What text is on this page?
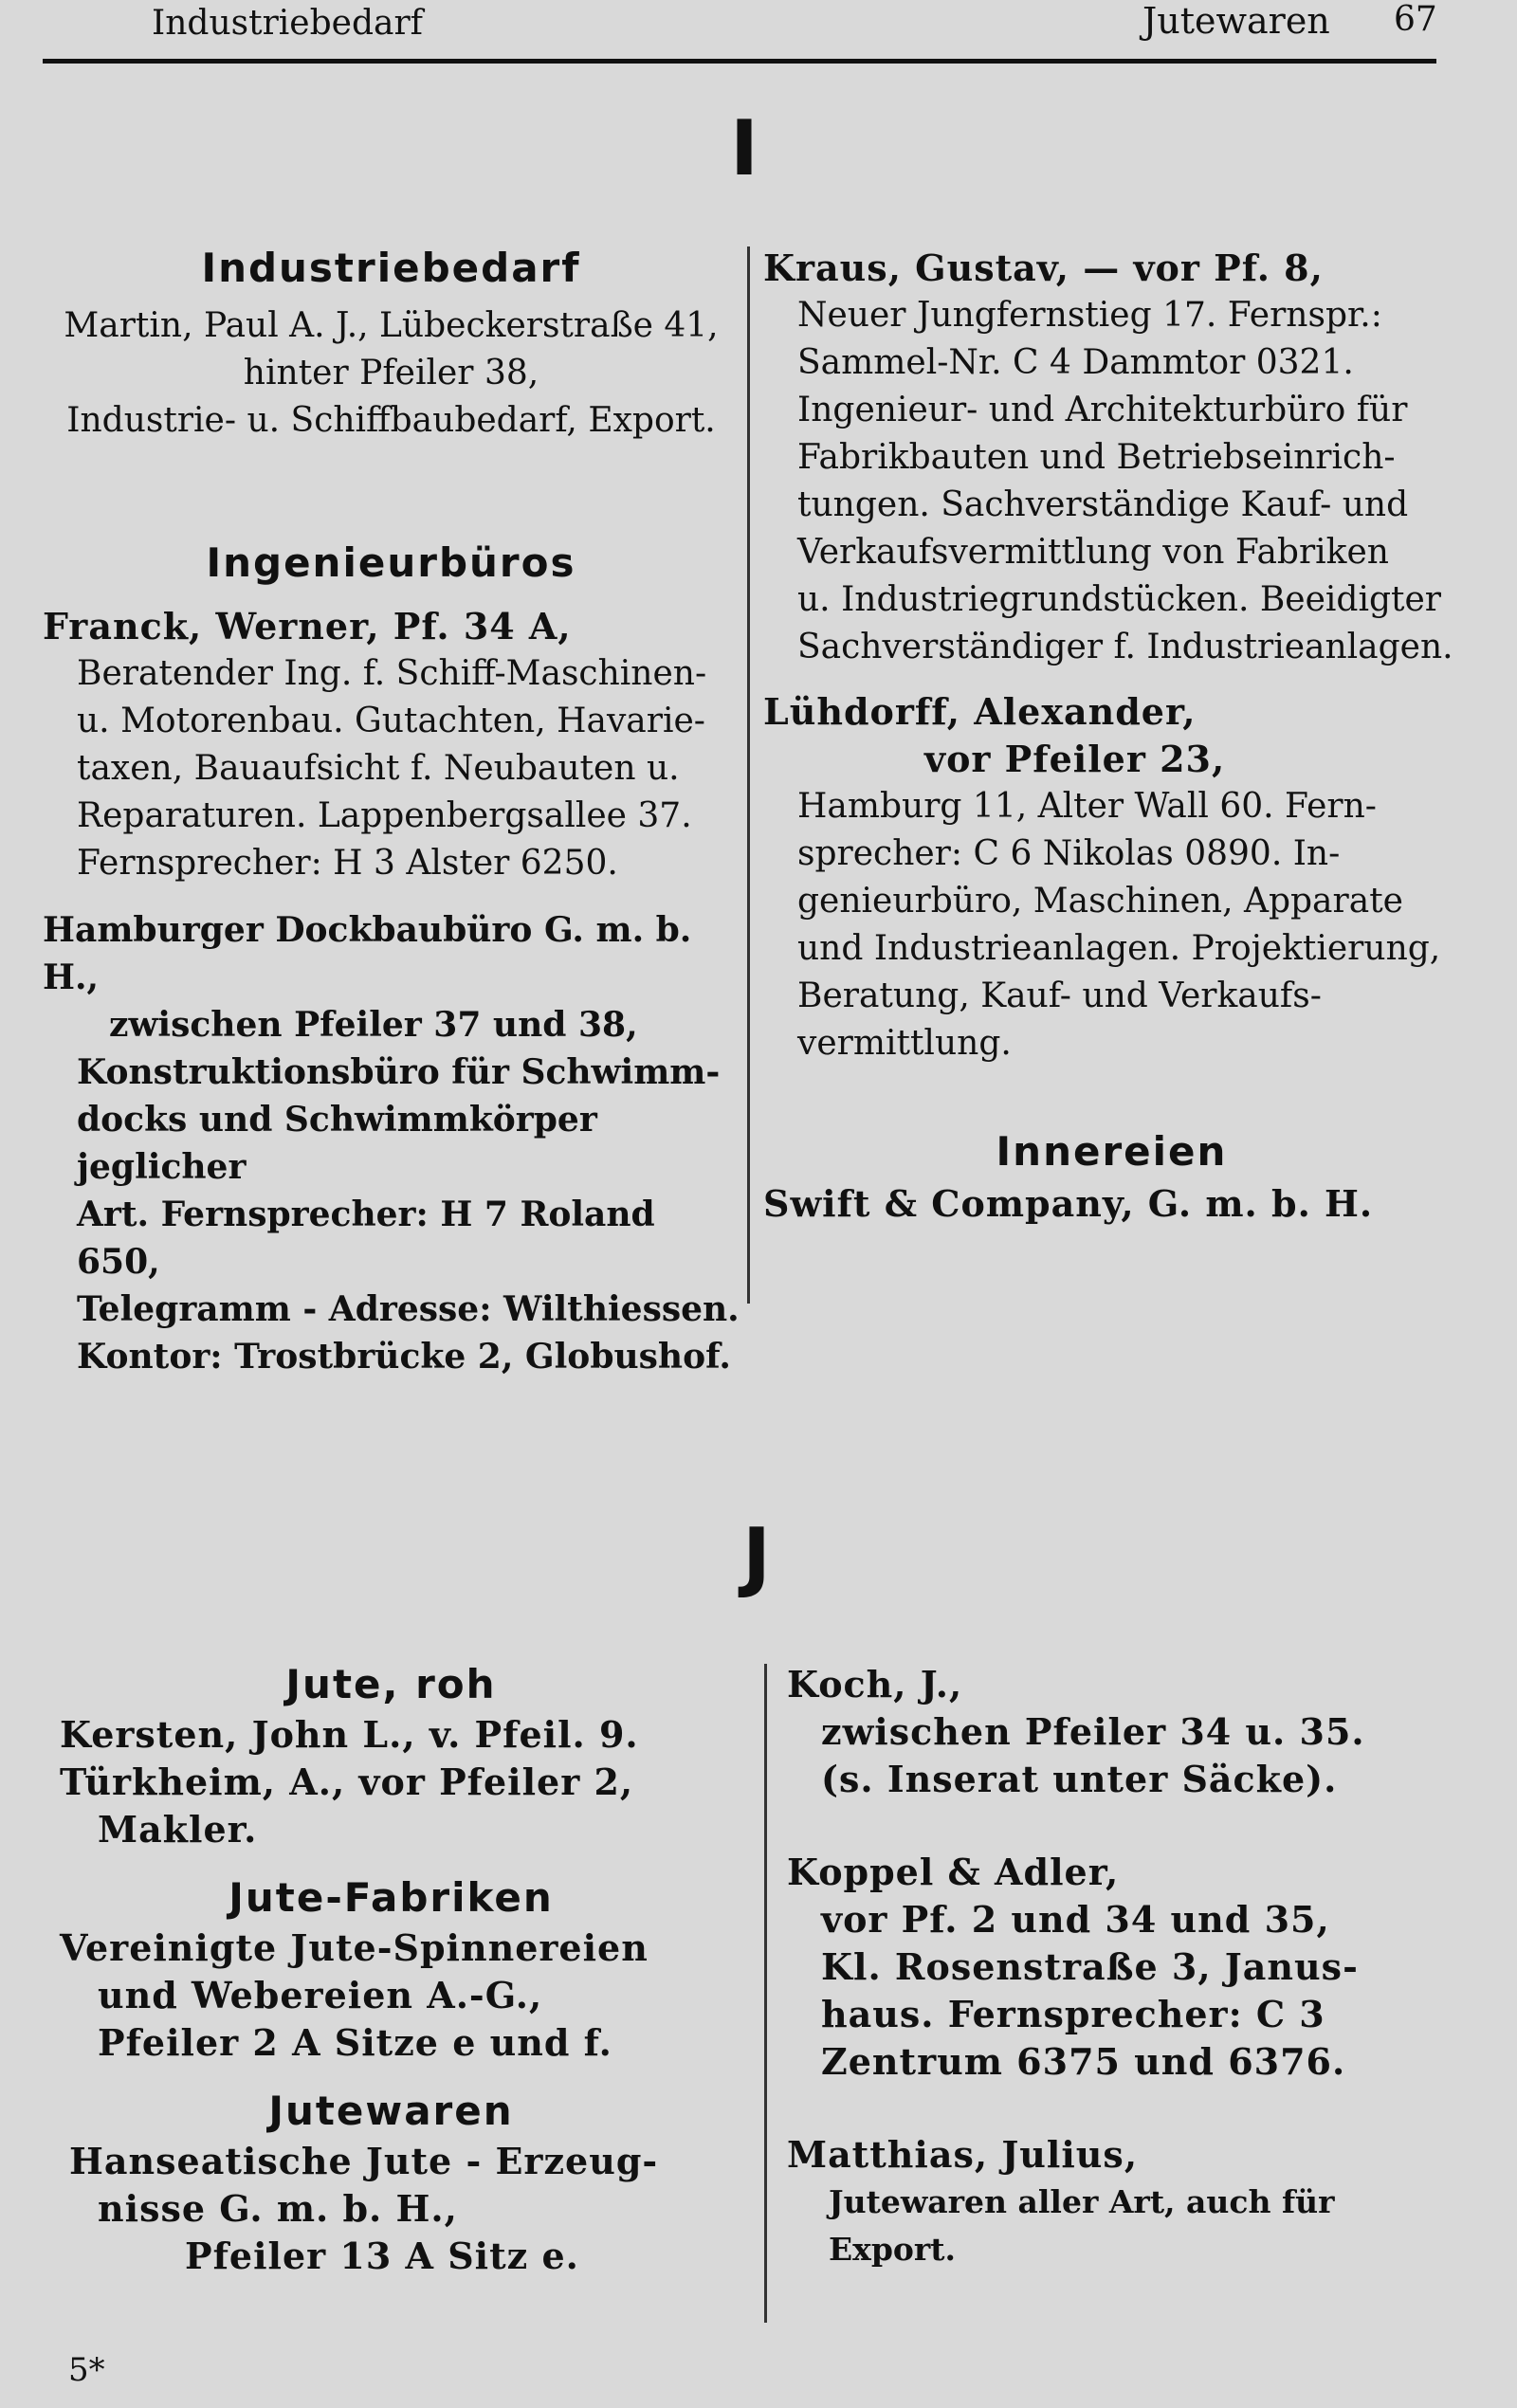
Industriebedarf	Jutewaren 67
I
Industriebedarf
Martin, Paul A. J., Lübeckerstraße 41,
hinter Pfeiler 38,
Industrie- u. Schiffbaubedarf, Export.
Ingenieurbüros
Franck, Werner, Pf. 34 A,
Beratender Ing. f. Schiff-Maschinen-
u. Motorenbau. Gutachten, Havarie-
taxen, Bauaufsicht f. Neubauten u.
Reparaturen. Lappenbergsallee 37.
Fernsprecher: H 3 Alster 6250.
Hamburger Dockbaubüro G. m. b. H.,
zwischen Pfeiler 37 und 38,
Konstruktionsbüro für Schwimm-
docks und Schwimmkörper jeglicher
Art. Fernsprecher: H 7 Roland 650,
Telegramm - Adresse: Wilthiessen.
Kontor: Trostbrücke 2, Globushof.
Kraus, Gustav, — vor Pf. 8,
Neuer Jungfernstieg 17. Fernspr.:
Sammel-Nr. C 4 Dammtor 0321.
Ingenieur- und Architekturbüro für
Fabrikbauten und Betriebseinrich-
tungen. Sachverständige Kauf- und
Verkaufsvermittlung von Fabriken
u. Industriegrundstücken. Beeidigter
Sachverständiger f. Industrieanlagen.
Lühdorff, Alexander,
vor Pfeiler 23,
Hamburg 11, Alter Wall 60. Fern-
sprecher: C 6 Nikolas 0890. In-
genieurbüro, Maschinen, Apparate
und Industrieanlagen. Projektierung,
Beratung, Kauf- und Verkaufs-
vermittlung.
Innereien
Swift & Company, G. m. b. H.
J
Jute, roh
Kersten, John L., v. Pfeil. 9.
Türkheim, A., vor Pfeiler 2,
Makler.
Jute-Fabriken
Vereinigte Jute-Spinnereien
und Webereien A.-G.,
Pfeiler 2 A Sitze e und f.
Jutewaren
Hanseatische Jute - Erzeug-
nisse G. m. b. H.,
Pfeiler 13 A Sitz e.
Koch, J.,
zwischen Pfeiler 34 u. 35.
(s. Inserat unter Säcke).
Koppel & Adler,
vor Pf. 2 und 34 und 35,
Kl. Rosenstraße 3, Janus-
haus. Fernsprecher: C 3
Zentrum 6375 und 6376.
Matthias, Julius,
Jutewaren aller Art, auch für Export.
5*
